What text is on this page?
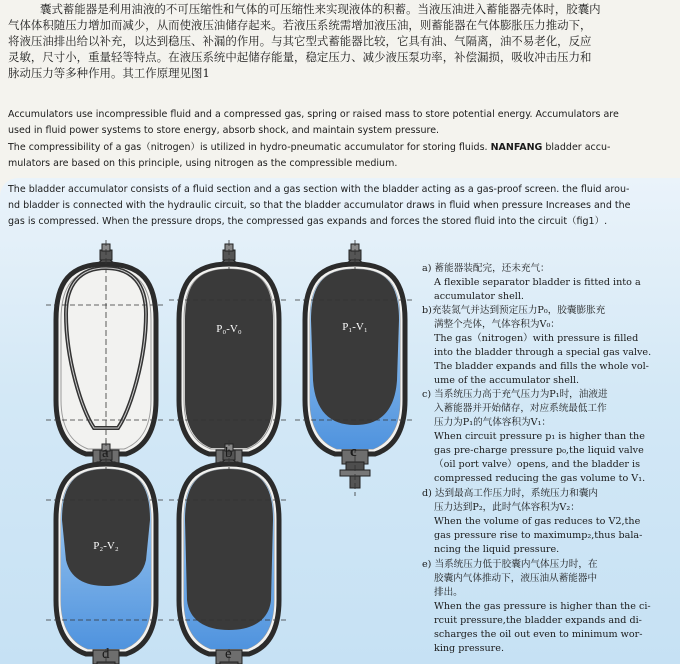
囊式蓄能器是利用油液的不可压缩性和气体的可压缩性来实现液体的积蓄。当液压油进入蓄能器壳体时，胶囊内
气体体积随压力增加而减少，从而使液压油储存起来。若液压系统需增加液压油，则蓄能器在气体膨胀压力推动下，
将液压油排出给以补充，以达到稳压、补漏的作用。与其它型式蓄能器比较，它具有油、气隔离，油不易老化，反应
灵敏，尺寸小，重量轻等特点。在液压系统中起储存能量，稳定压力、减少液压泵功率，补偿漏损，吸收冲击压力和
脉动压力等多种作用。其工作原理见图1
Accumulators use incompressible fluid and a compressed gas, spring or raised mass to store potential energy. Accumulators are
used in fluid power systems to store energy, absorb shock, and maintain system pressure.
The compressibility of a gas（nitrogen）is utilized in hydro-pneumatic accumulator for storing fluids. NANFANG bladder accu-
mulators are based on this principle, using nitrogen as the compressible medium.
The bladder accumulator consists of a fluid section and a gas section with the bladder acting as a gas-proof screen. the fluid arou-
nd bladder is connected with the hydraulic circuit, so that the bladder accumulator draws in fluid when pressure Increases and the
gas is compressed. When the pressure drops, the compressed gas expands and forces the stored fluid into the circuit（fig1）.
P₀-V₀	P₁-V₁
P₂-V₂
a	b	c
d	e
a) 蓄能器装配完，还未充气：
A flexible separator bladder is fitted into a
accumulator shell.
b)充装氮气并达到预定压力P₀，胶囊膨胀充
满整个壳体，气体容积为V₀：
The gas（nitrogen）with pressure is filled
into the bladder through a special gas valve.
The bladder expands and fills the whole vol-
ume of the accumulator shell.
c) 当系统压力高于充气压力为P₁时，油液进
入蓄能器并开始储存，对应系统最低工作
压力为P₁的气体容积为V₁：
When circuit pressure p₁ is higher than the
gas pre-charge pressure p₀,the liquid valve
（oil port valve）opens, and the bladder is
compressed reducing the gas volume to V₁.
d) 达到最高工作压力时，系统压力和囊内
压力达到P₂，此时气体容积为V₂：
When the volume of gas reduces to V2,the
gas pressure rise to maximump₂,thus bala-
ncing the liquid pressure.
e) 当系统压力低于胶囊内气体压力时，在
胶囊内气体推动下，液压油从蓄能器中
排出。
When the gas pressure is higher than the ci-
rcuit pressure,the bladder expands and di-
scharges the oil out even to minimum wor-
king pressure.
